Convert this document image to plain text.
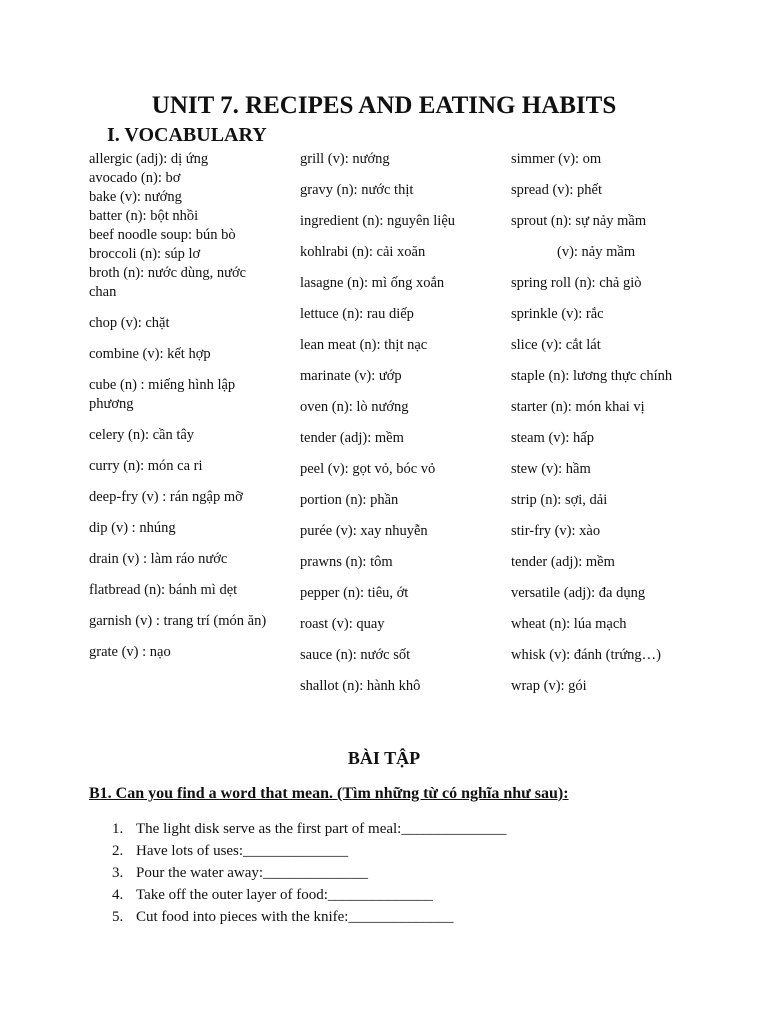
UNIT 7. RECIPES AND EATING HABITS
I. VOCABULARY
allergic (adj): dị ứng
avocado (n): bơ
bake (v): nướng
batter (n): bột nhồi
beef noodle soup: bún bò
broccoli (n): súp lơ
broth (n): nước dùng, nước chan
chop (v): chặt
combine (v): kết hợp
cube (n) : miếng hình lập phương
celery (n): cần tây
curry (n): món ca ri
deep-fry (v) : rán ngập mỡ
dip (v) : nhúng
drain (v) : làm ráo nước
flatbread (n): bánh mì dẹt
garnish (v) : trang trí (món ăn)
grate (v) : nạo
grill (v): nướng
gravy (n): nước thịt
ingredient (n): nguyên liệu
kohlrabi (n): cải xoăn
lasagne (n): mì ống xoắn
lettuce (n): rau diếp
lean meat (n): thịt nạc
marinate (v): ướp
oven (n): lò nướng
tender (adj): mềm
peel (v): gọt vỏ, bóc vỏ
portion (n): phần
purée (v): xay nhuyễn
prawns (n): tôm
pepper (n): tiêu, ớt
roast (v): quay
sauce (n): nước sốt
shallot (n): hành khô
simmer (v): om
spread (v): phết
sprout (n): sự nảy mầm
(v): nảy mầm
spring roll (n): chả giò
sprinkle (v): rắc
slice (v): cắt lát
staple (n): lương thực chính
starter (n): món khai vị
steam (v): hấp
stew (v): hầm
strip (n): sợi, dải
stir-fry (v): xào
tender (adj): mềm
versatile (adj): đa dụng
wheat (n): lúa mạch
whisk (v): đánh (trứng…)
wrap (v): gói
BÀI TẬP
B1. Can you find a word that mean. (Tìm những từ có nghĩa như sau):
1. The light disk serve as the first part of meal:______________
2. Have lots of uses:______________
3. Pour the water away:______________
4. Take off the outer layer of food:______________
5. Cut food into pieces with the knife:______________
